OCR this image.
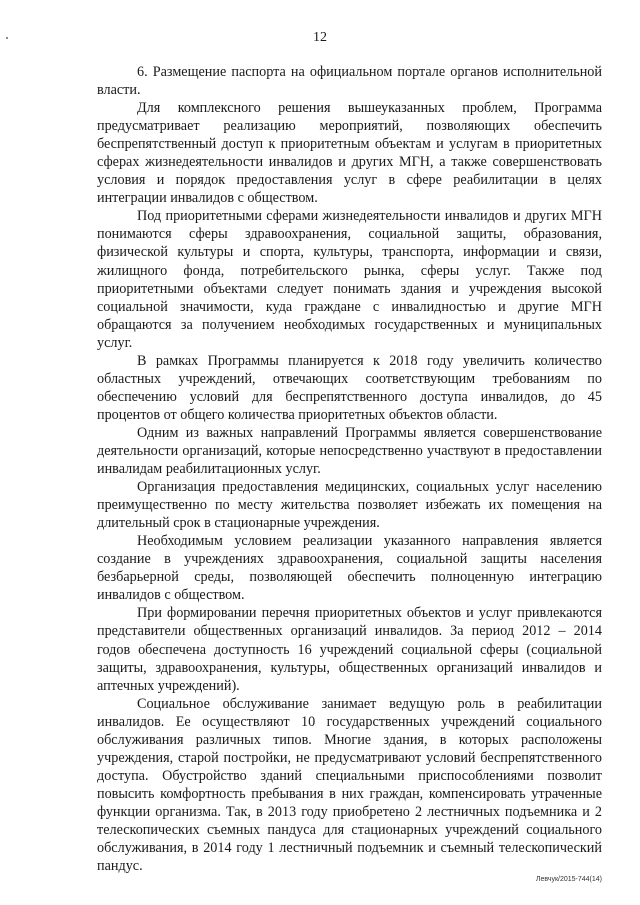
12

6. Размещение паспорта на официальном портале органов исполнительной власти.

Для комплексного решения вышеуказанных проблем, Программа предусматривает реализацию мероприятий, позволяющих обеспечить беспрепятственный доступ к приоритетным объектам и услугам в приоритетных сферах жизнедеятельности инвалидов и других МГН, а также совершенствовать условия и порядок предоставления услуг в сфере реабилитации в целях интеграции инвалидов с обществом.

Под приоритетными сферами жизнедеятельности инвалидов и других МГН понимаются сферы здравоохранения, социальной защиты, образования, физической культуры и спорта, культуры, транспорта, информации и связи, жилищного фонда, потребительского рынка, сферы услуг. Также под приоритетными объектами следует понимать здания и учреждения высокой социальной значимости, куда граждане с инвалидностью и другие МГН обращаются за получением необходимых государственных и муниципальных услуг.

В рамках Программы планируется к 2018 году увеличить количество областных учреждений, отвечающих соответствующим требованиям по обеспечению условий для беспрепятственного доступа инвалидов, до 45 процентов от общего количества приоритетных объектов области.

Одним из важных направлений Программы является совершенствование деятельности организаций, которые непосредственно участвуют в предоставлении инвалидам реабилитационных услуг.

Организация предоставления медицинских, социальных услуг населению преимущественно по месту жительства позволяет избежать их помещения на длительный срок в стационарные учреждения.

Необходимым условием реализации указанного направления является создание в учреждениях здравоохранения, социальной защиты населения безбарьерной среды, позволяющей обеспечить полноценную интеграцию инвалидов с обществом.

При формировании перечня приоритетных объектов и услуг привлекаются представители общественных организаций инвалидов. За период 2012 – 2014 годов обеспечена доступность 16 учреждений социальной сферы (социальной защиты, здравоохранения, культуры, общественных организаций инвалидов и аптечных учреждений).

Социальное обслуживание занимает ведущую роль в реабилитации инвалидов. Ее осуществляют 10 государственных учреждений социального обслуживания различных типов. Многие здания, в которых расположены учреждения, старой постройки, не предусматривают условий беспрепятственного доступа. Обустройство зданий специальными приспособлениями позволит повысить комфортность пребывания в них граждан, компенсировать утраченные функции организма. Так, в 2013 году приобретено 2 лестничных подъемника и 2 телескопических съемных пандуса для стационарных учреждений социального обслуживания, в 2014 году 1 лестничный подъемник и съемный телескопический пандус.

Левчук/2015-744(14)
